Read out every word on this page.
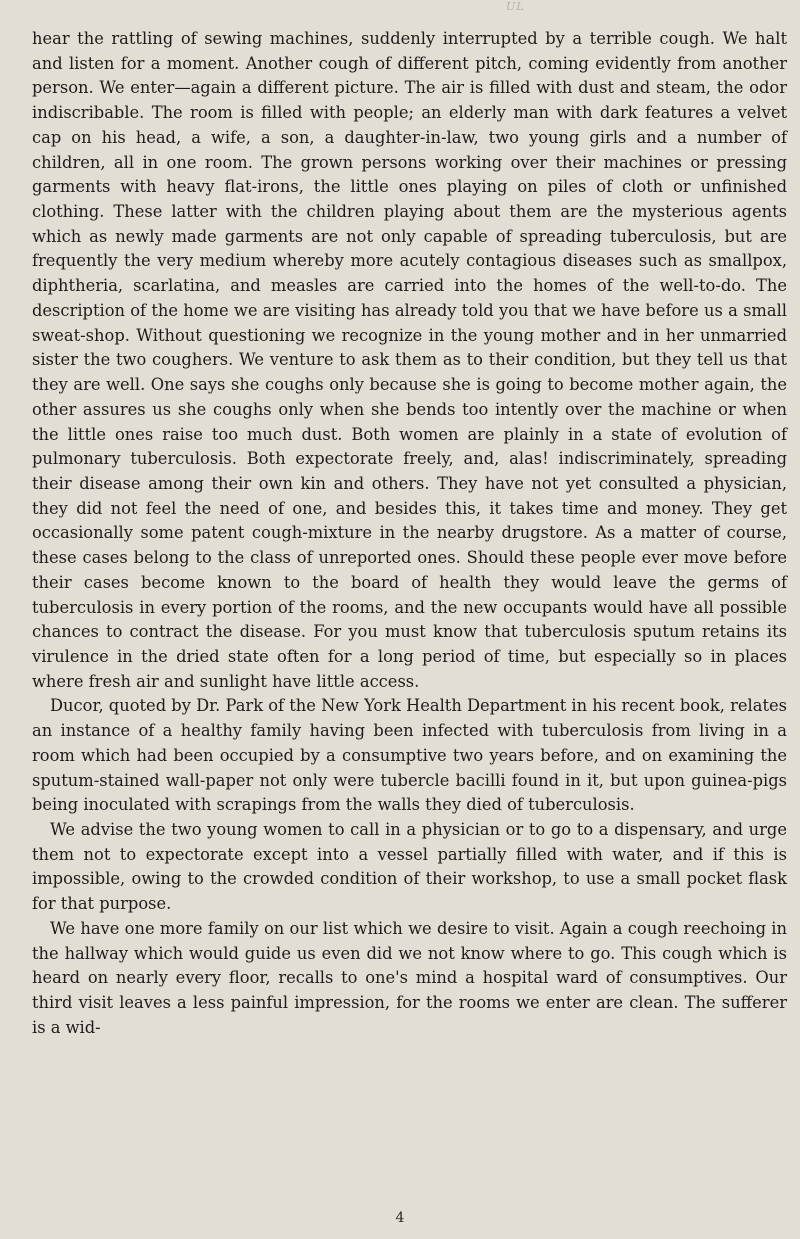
UL

hear the rattling of sewing machines, suddenly interrupted by a terrible cough. We halt and listen for a moment. Another cough of different pitch, coming evidently from another person. We enter—again a different picture. The air is filled with dust and steam, the odor indiscribable. The room is filled with people; an elderly man with dark features a velvet cap on his head, a wife, a son, a daughter-in-law, two young girls and a number of children, all in one room. The grown persons working over their machines or pressing garments with heavy flat-irons, the little ones playing on piles of cloth or unfinished clothing. These latter with the children playing about them are the mysterious agents which as newly made garments are not only capable of spreading tuberculosis, but are frequently the very medium whereby more acutely contagious diseases such as smallpox, diphtheria, scarlatina, and measles are carried into the homes of the well-to-do. The description of the home we are visiting has already told you that we have before us a small sweat-shop. Without questioning we recognize in the young mother and in her unmarried sister the two coughers. We venture to ask them as to their condition, but they tell us that they are well. One says she coughs only because she is going to become mother again, the other assures us she coughs only when she bends too intently over the machine or when the little ones raise too much dust. Both women are plainly in a state of evolution of pulmonary tuberculosis. Both expectorate freely, and, alas! indiscriminately, spreading their disease among their own kin and others. They have not yet consulted a physician, they did not feel the need of one, and besides this, it takes time and money. They get occasionally some patent cough-mixture in the nearby drugstore. As a matter of course, these cases belong to the class of unreported ones. Should these people ever move before their cases become known to the board of health they would leave the germs of tuberculosis in every portion of the rooms, and the new occupants would have all possible chances to contract the disease. For you must know that tuberculosis sputum retains its virulence in the dried state often for a long period of time, but especially so in places where fresh air and sunlight have little access.

Ducor, quoted by Dr. Park of the New York Health Department in his recent book, relates an instance of a healthy family having been infected with tuberculosis from living in a room which had been occupied by a consumptive two years before, and on examining the sputum-stained wall-paper not only were tubercle bacilli found in it, but upon guinea-pigs being inoculated with scrapings from the walls they died of tuberculosis.

We advise the two young women to call in a physician or to go to a dispensary, and urge them not to expectorate except into a vessel partially filled with water, and if this is impossible, owing to the crowded condition of their workshop, to use a small pocket flask for that purpose.

We have one more family on our list which we desire to visit. Again a cough reechoing in the hallway which would guide us even did we not know where to go. This cough which is heard on nearly every floor, recalls to one's mind a hospital ward of consumptives. Our third visit leaves a less painful impression, for the rooms we enter are clean. The sufferer is a wid-

4
